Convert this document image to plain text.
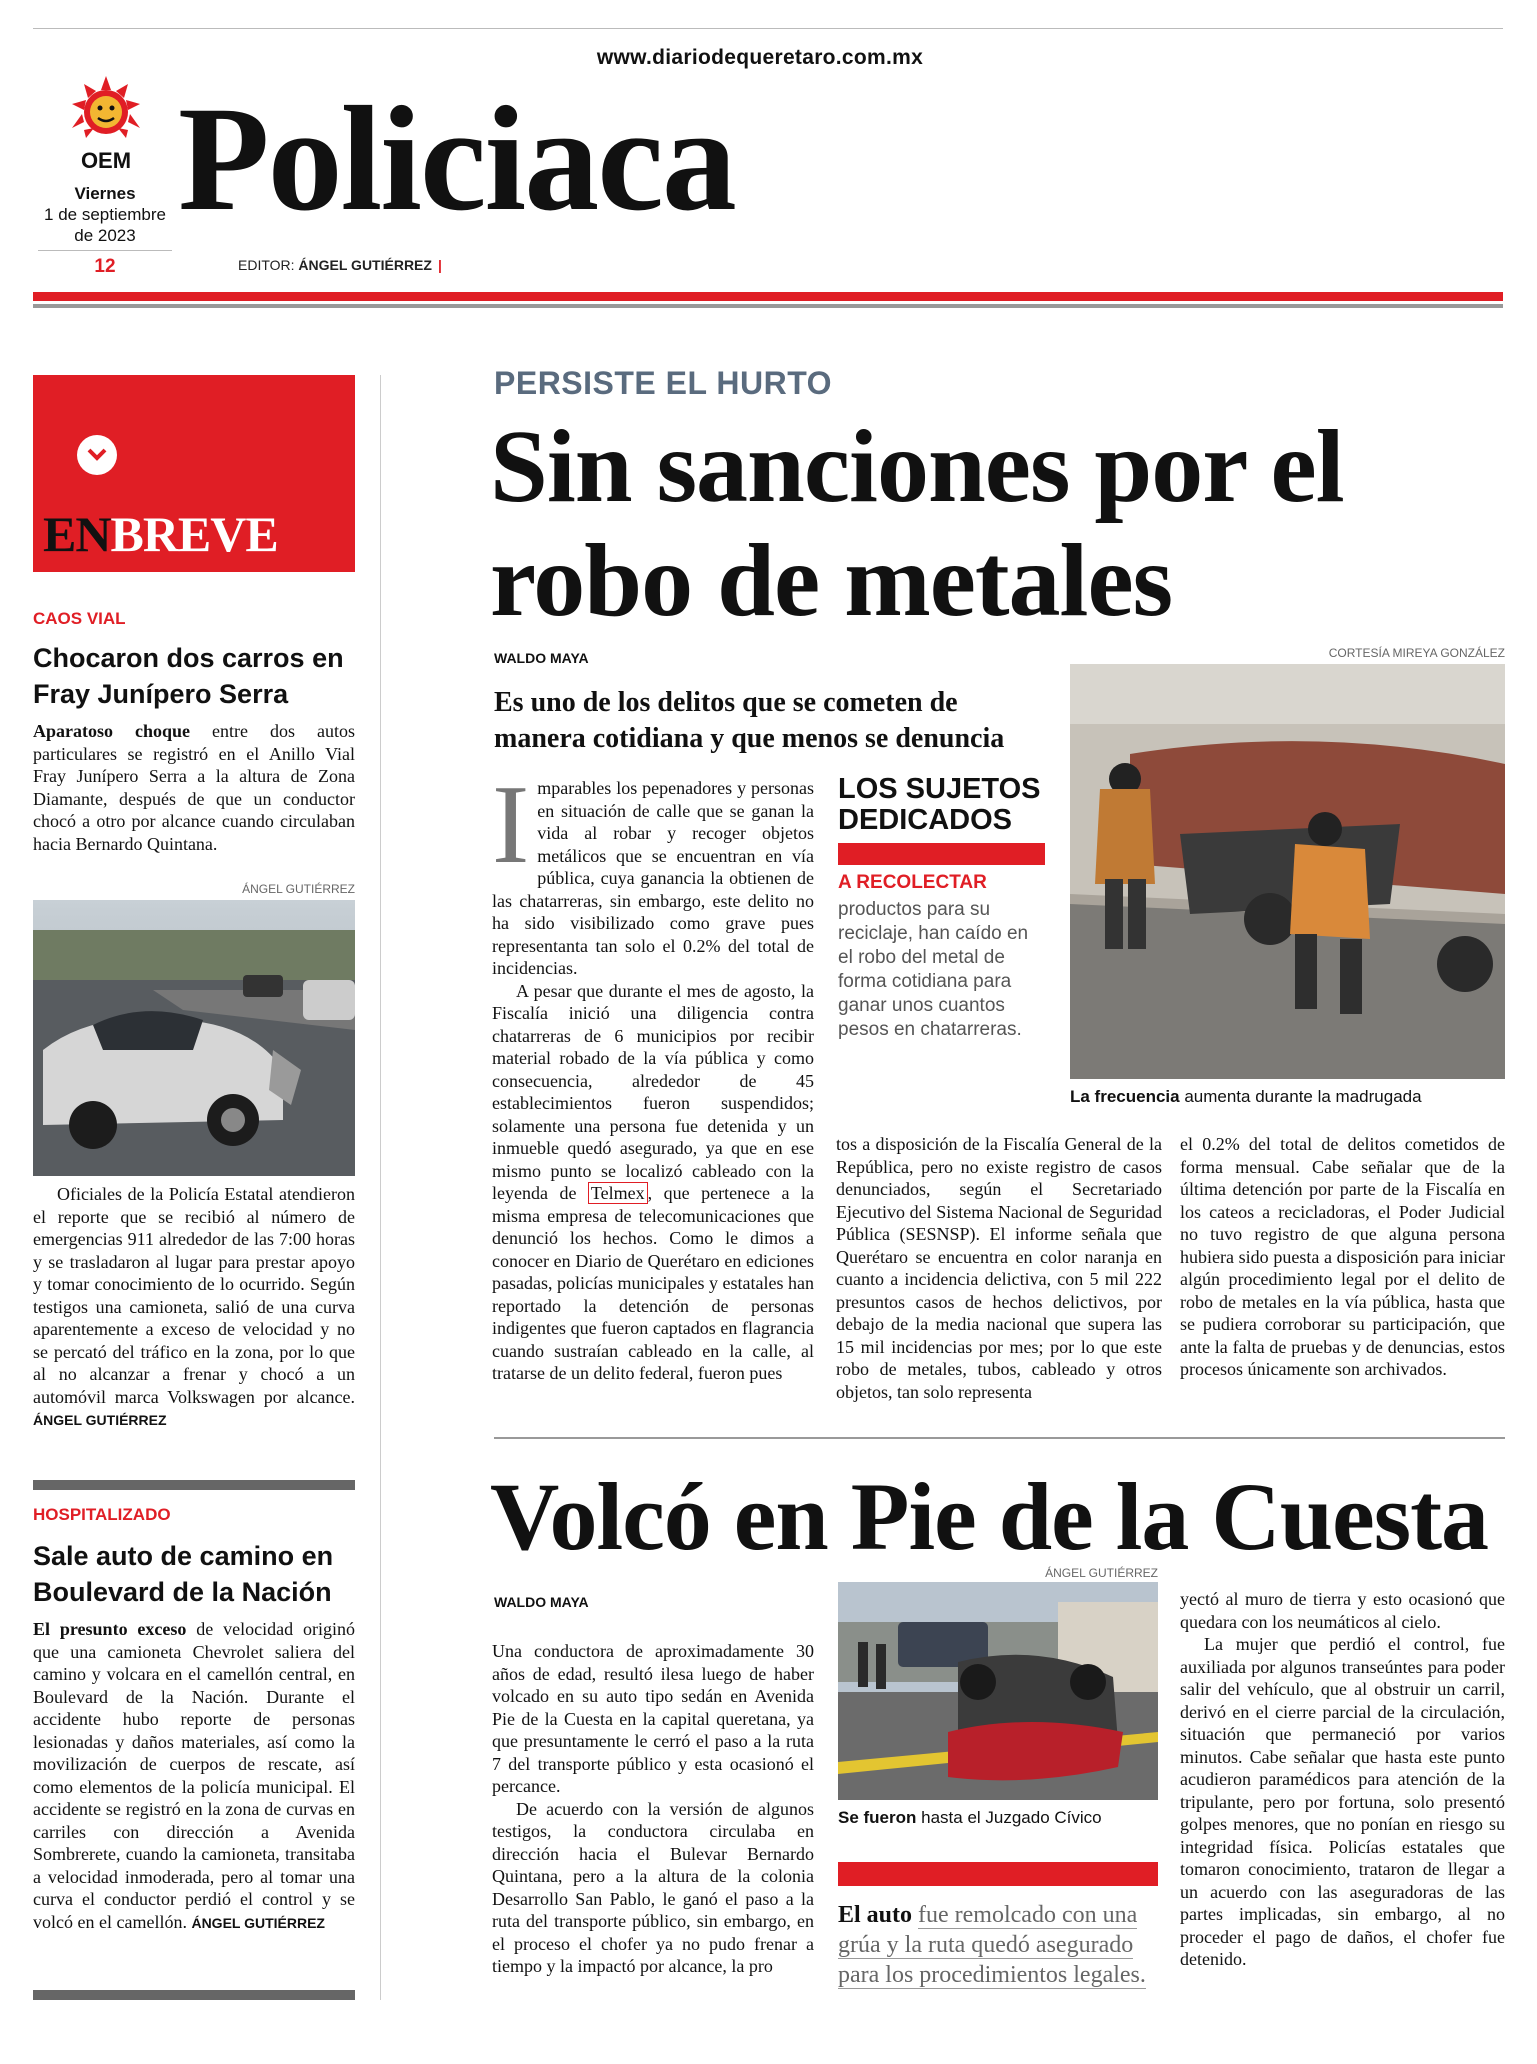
www.diariodequeretaro.com.mx
OEM Policiaca
Viernes
1 de septiembre de 2023
12	EDITOR: ÁNGEL GUTIÉRREZ |
ENBREVE
CAOS VIAL
Chocaron dos carros en Fray Junípero Serra
Aparatoso choque entre dos autos particulares se registró en el Anillo Vial Fray Junípero Serra a la altura de Zona Diamante, después de que un conductor chocó a otro por alcance cuando circulaban hacia Bernardo Quintana.
ÁNGEL GUTIÉRREZ
Oficiales de la Policía Estatal atendieron el reporte que se recibió al número de emergencias 911 alrededor de las 7:00 horas y se trasladaron al lugar para prestar apoyo y tomar conocimiento de lo ocurrido. Según testigos una camioneta, salió de una curva aparentemente a exceso de velocidad y no se percató del tráfico en la zona, por lo que al no alcanzar a frenar y chocó a un automóvil marca Volkswagen por alcance. ÁNGEL GUTIÉRREZ
HOSPITALIZADO
Sale auto de camino en Boulevard de la Nación
El presunto exceso de velocidad originó que una camioneta Chevrolet saliera del camino y volcara en el camellón central, en Boulevard de la Nación. Durante el accidente hubo reporte de personas lesionadas y daños materiales, así como la movilización de cuerpos de rescate, así como elementos de la policía municipal. El accidente se registró en la zona de curvas en carriles con dirección a Avenida Sombrerete, cuando la camioneta, transitaba a velocidad inmoderada, pero al tomar una curva el conductor perdió el control y se volcó en el camellón. ÁNGEL GUTIÉRREZ
PERSISTE EL HURTO
Sin sanciones por el robo de metales
WALDO MAYA
Es uno de los delitos que se cometen de manera cotidiana y que menos se denuncia
CORTESÍA MIREYA GONZÁLEZ
La frecuencia aumenta durante la madrugada

Imparables los pepenadores y personas en situación de calle que se ganan la vida al robar y recoger objetos metálicos que se encuentran en vía pública, cuya ganancia la obtienen de las chatarreras, sin embargo, este delito no ha sido visibilizado como grave pues representanta tan solo el 0.2% del total de incidencias.

A pesar que durante el mes de agosto, la Fiscalía inició una diligencia contra chatarreras de 6 municipios por recibir material robado de la vía pública y como consecuencia, alrededor de 45 establecimientos fueron suspendidos; solamente una persona fue detenida y un inmueble quedó asegurado, ya que en ese mismo punto se localizó cableado con la leyenda de Telmex , que pertenece a la misma empresa de telecomunicaciones que denunció los hechos. Como le dimos a conocer en Diario de Querétaro en ediciones pasadas, policías municipales y estatales han reportado la detención de personas indigentes que fueron captados en flagrancia cuando sustraían cableado en la calle, al tratarse de un delito federal, fueron pues

LOS SUJETOS DEDICADOS
A RECOLECTAR
productos para su reciclaje, han caído en el robo del metal de forma cotidiana para ganar unos cuantos pesos en chatarreras.
tos a disposición de la Fiscalía General de la República, pero no existe registro de casos denunciados, según el Secretariado Ejecutivo del Sistema Nacional de Seguridad Pública (SESNSP). El informe señala que Querétaro se encuentra en color naranja en cuanto a incidencia delictiva, con 5 mil 222 presuntos casos de hechos delictivos, por debajo de la media nacional que supera las 15 mil incidencias por mes; por lo que este robo de metales, tubos, cableado y otros objetos, tan solo representa
el 0.2% del total de delitos cometidos de forma mensual. Cabe señalar que de la última detención por parte de la Fiscalía en los cateos a recicladoras, el Poder Judicial no tuvo registro de que alguna persona hubiera sido puesta a disposición para iniciar algún procedimiento legal por el delito de robo de metales en la vía pública, hasta que se pudiera corroborar su participación, que ante la falta de pruebas y de denuncias, estos procesos únicamente son archivados.
Volcó en Pie de la Cuesta
WALDO MAYA

Una conductora de aproximadamente 30 años de edad, resultó ilesa luego de haber volcado en su auto tipo sedán en Avenida Pie de la Cuesta en la capital queretana, ya que presuntamente le cerró el paso a la ruta 7 del transporte público y esta ocasionó el percance.

De acuerdo con la versión de algunos testigos, la conductora circulaba en dirección hacia el Bulevar Bernardo Quintana, pero a la altura de la colonia Desarrollo San Pablo, le ganó el paso a la ruta del transporte público, sin embargo, en el proceso el chofer ya no pudo frenar a tiempo y la impactó por alcance, la pro

ÁNGEL GUTIÉRREZ
Se fueron hasta el Juzgado Cívico
El auto fue remolcado con una grúa y la ruta quedó asegurado para los procedimientos legales.

yectó al muro de tierra y esto ocasionó que quedara con los neumáticos al cielo.

La mujer que perdió el control, fue auxiliada por algunos transeúntes para poder salir del vehículo, que al obstruir un carril, derivó en el cierre parcial de la circulación, situación que permaneció por varios minutos. Cabe señalar que hasta este punto acudieron paramédicos para atención de la tripulante, pero por fortuna, solo presentó golpes menores, que no ponían en riesgo su integridad física. Policías estatales que tomaron conocimiento, trataron de llegar a un acuerdo con las aseguradoras de las partes implicadas, sin embargo, al no proceder el pago de daños, el chofer fue detenido.
